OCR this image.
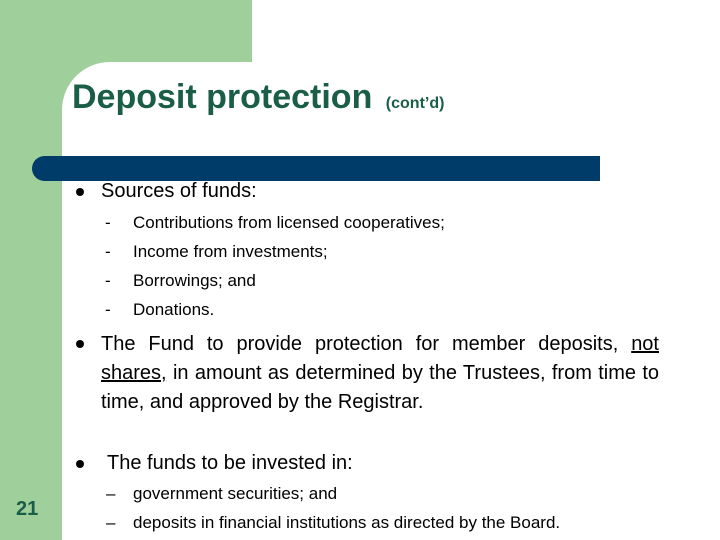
Deposit protection (cont’d)
21
Sources of funds:
- Contributions from licensed cooperatives;
- Income from investments;
- Borrowings; and
- Donations.
The Fund to provide protection for member deposits, not shares, in amount as determined by the Trustees, from time to time, and approved by the Registrar.
The funds to be invested in:
– government securities; and
– deposits in financial institutions as directed by the Board.
